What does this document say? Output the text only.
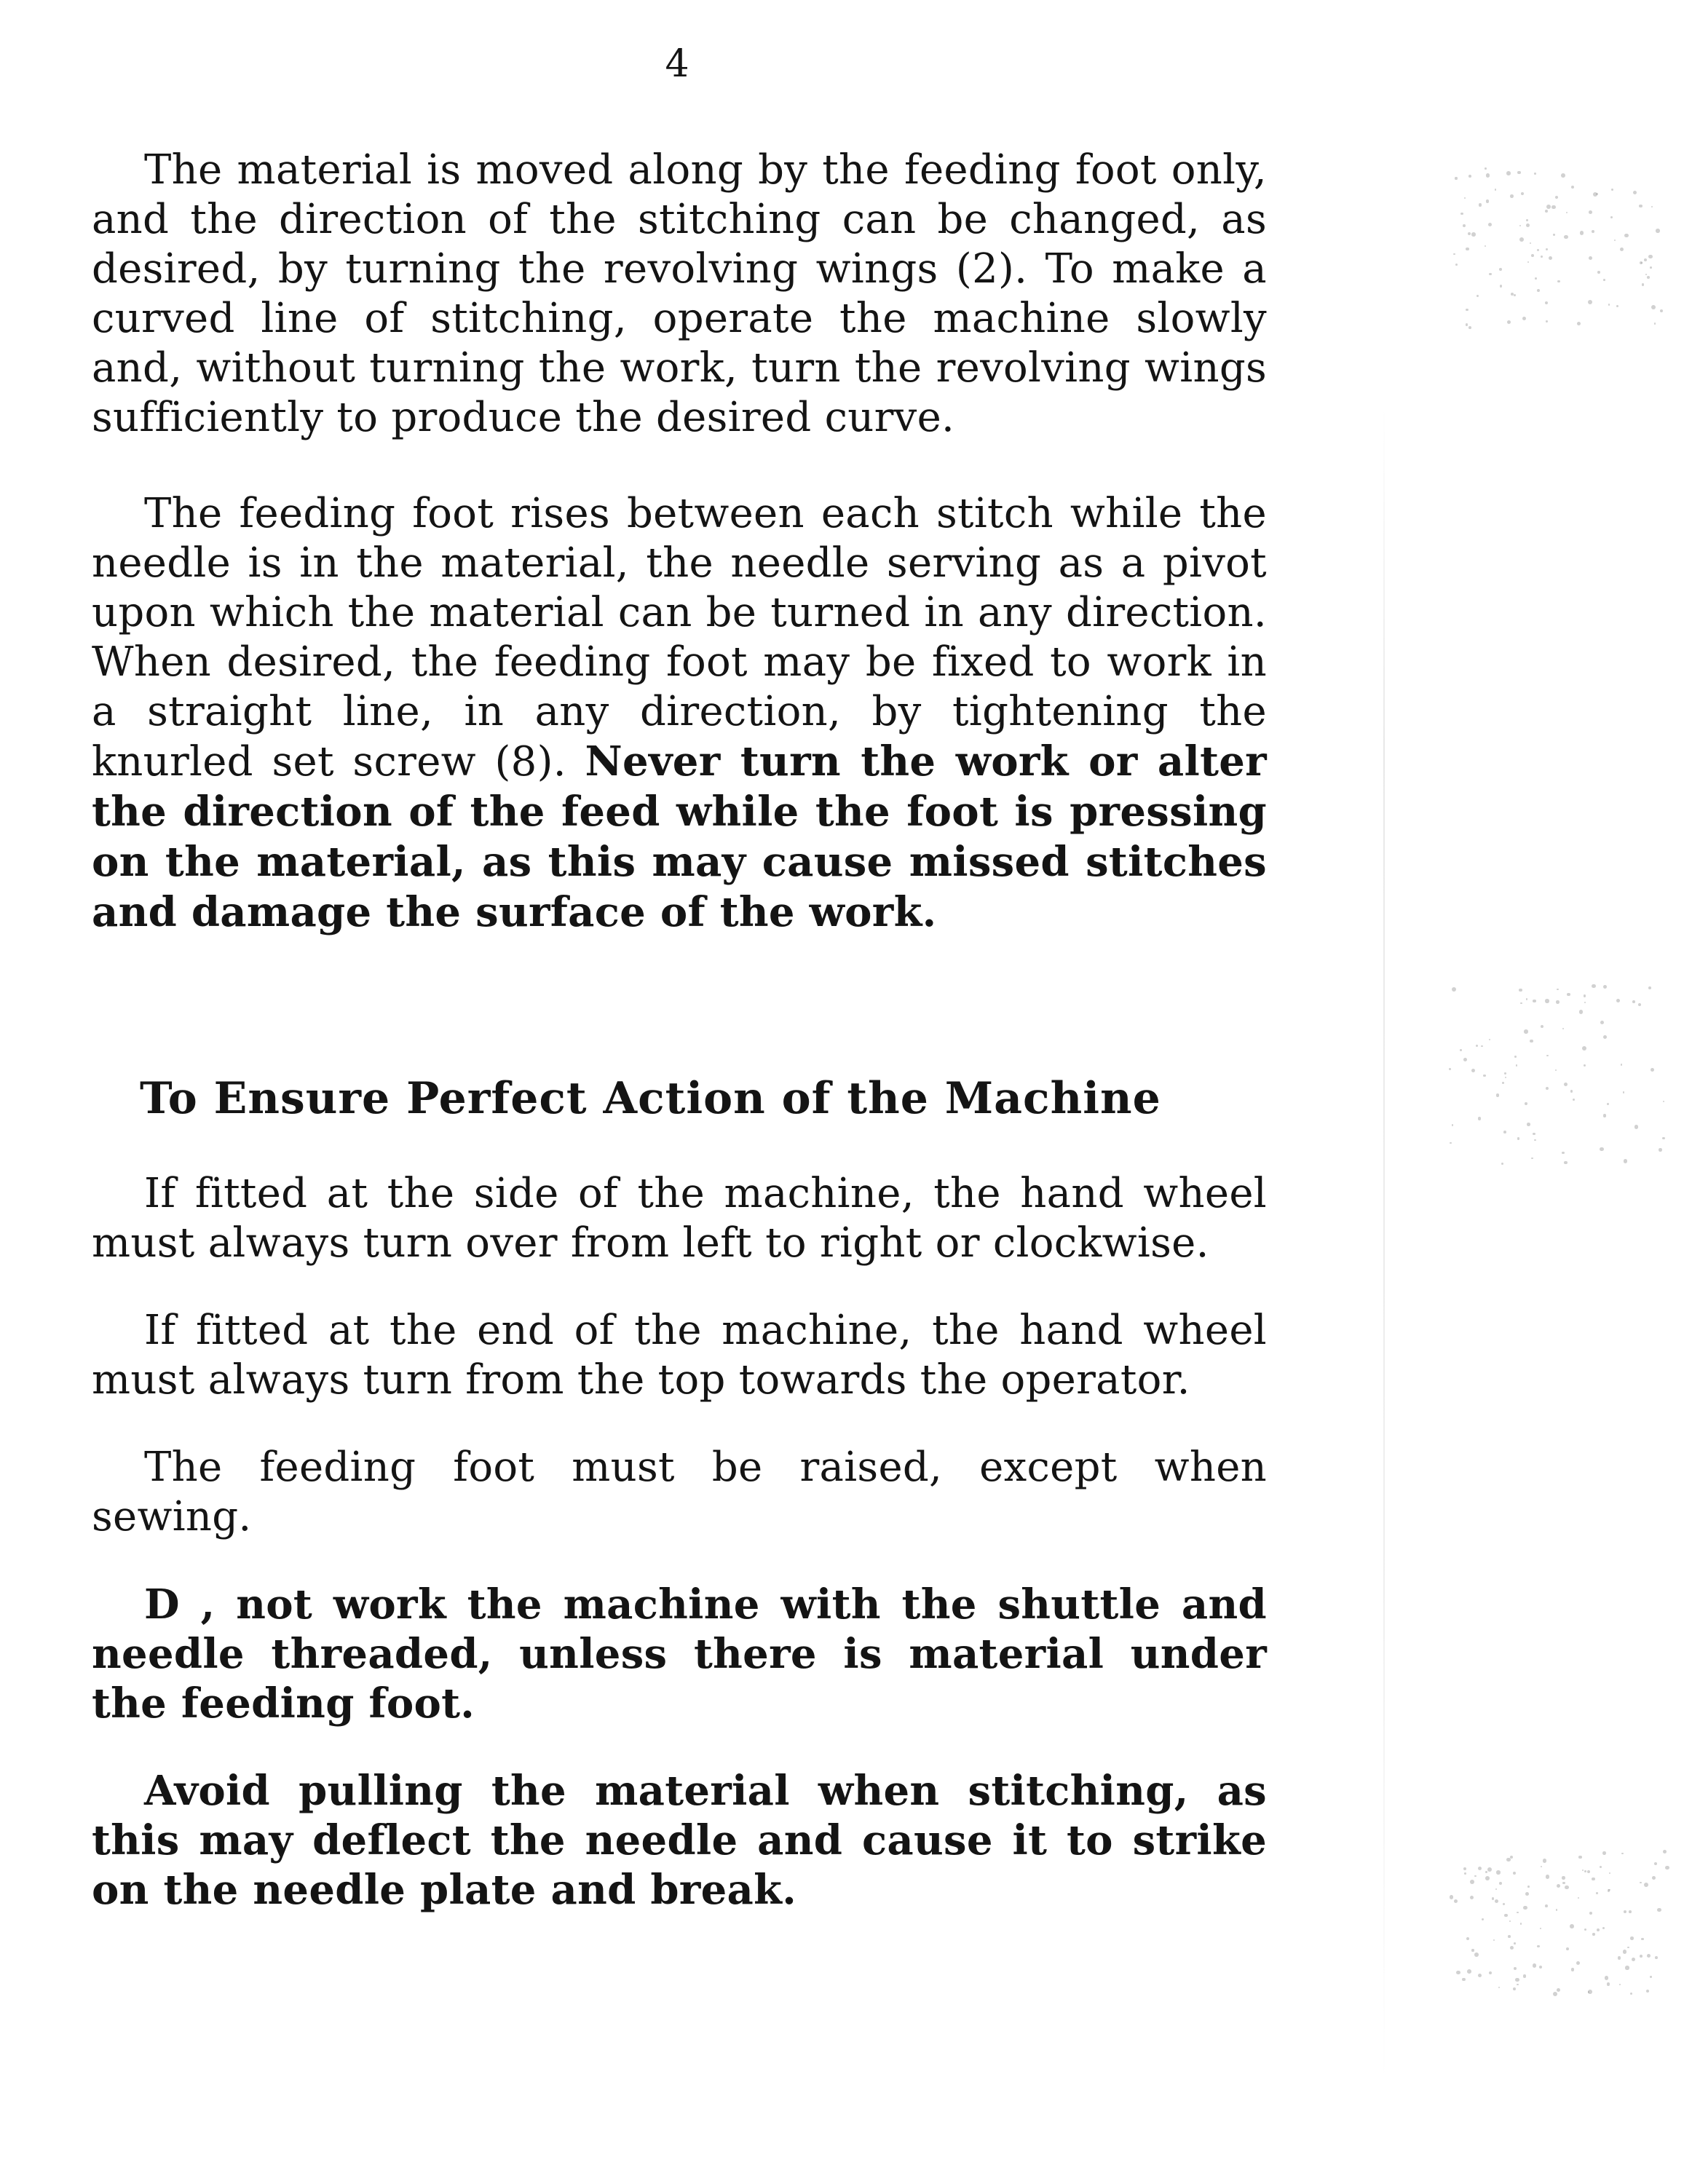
4

The material is moved along by the feeding foot only, and the direction of the stitching can be changed, as desired, by turning the revolving wings (2). To make a curved line of stitching, operate the machine slowly and, without turning the work, turn the revolving wings sufficiently to produce the desired curve.

The feeding foot rises between each stitch while the needle is in the material, the needle serving as a pivot upon which the material can be turned in any direction. When desired, the feeding foot may be fixed to work in a straight line, in any direction, by tightening the knurled set screw (8). Never turn the work or alter the direction of the feed while the foot is pressing on the material, as this may cause missed stitches and damage the surface of the work.

To Ensure Perfect Action of the Machine

If fitted at the side of the machine, the hand wheel must always turn over from left to right or clockwise.

If fitted at the end of the machine, the hand wheel must always turn from the top towards the operator.

The feeding foot must be raised, except when sewing.

D , not work the machine with the shuttle and needle threaded, unless there is material under the feeding foot.

Avoid pulling the material when stitching, as this may deflect the needle and cause it to strike on the needle plate and break.
